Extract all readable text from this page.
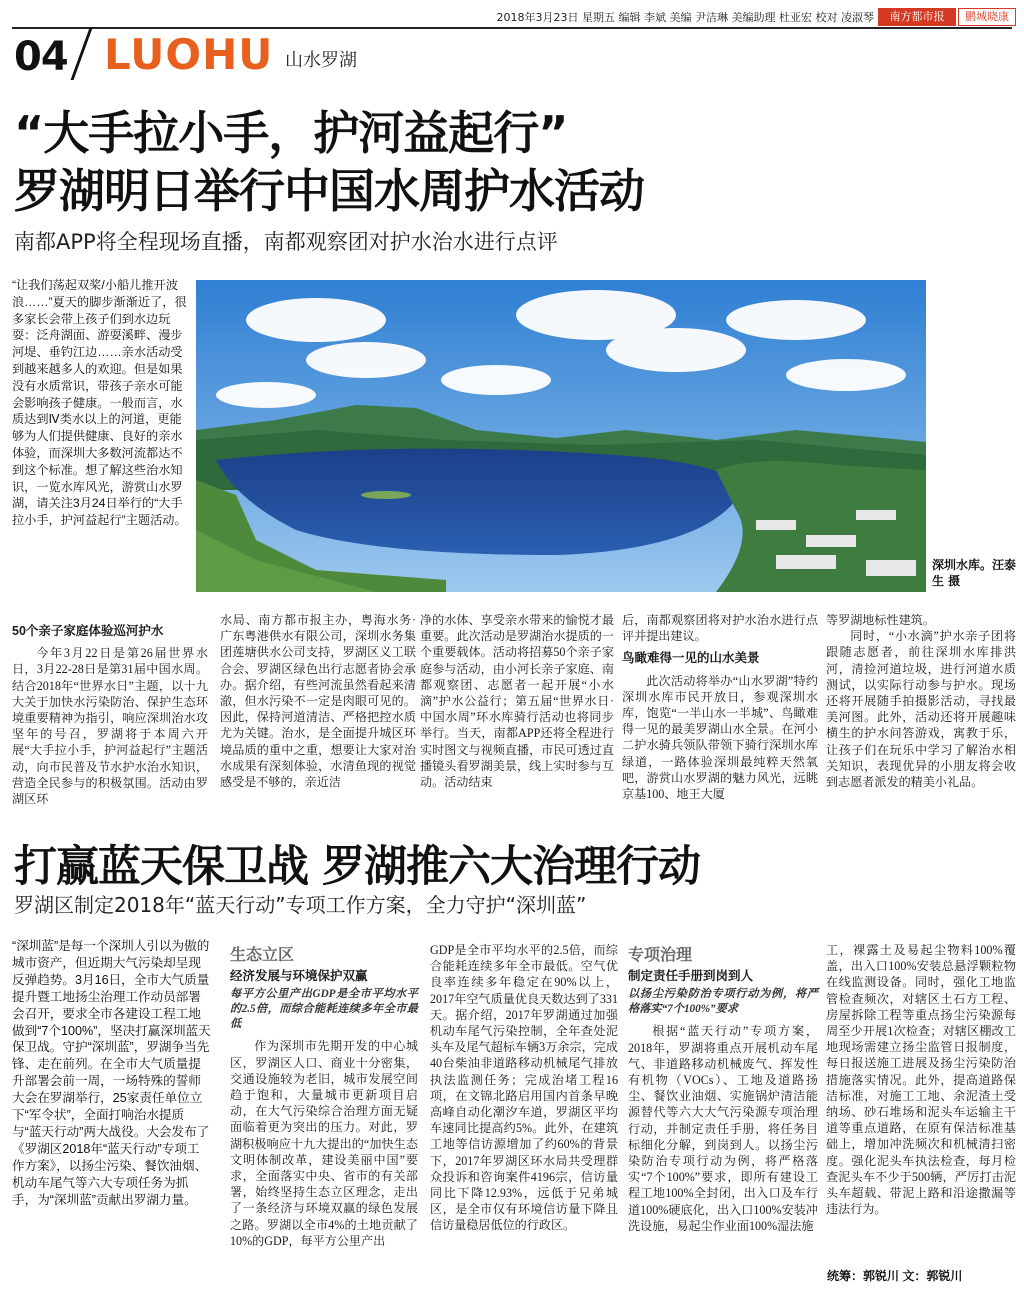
2018年3月23日 星期五 编辑 李斌 美编 尹洁琳 美编助理 杜亚宏 校对 凌淑琴	南方都市报	鹏城晓康
04 LUOHU 山水罗湖
“大手拉小手，护河益起行”
罗湖明日举行中国水周护水活动
南都APP将全程现场直播，南都观察团对护水治水进行点评
“让我们荡起双桨/小船儿推开波浪……”夏天的脚步渐渐近了，很多家长会带上孩子们到水边玩耍：泛舟湖面、游耍溪畔、漫步河堤、垂钓江边……亲水活动受到越来越多人的欢迎。但是如果没有水质常识，带孩子亲水可能会影响孩子健康。一般而言，水质达到Ⅳ类水以上的河道，更能够为人们提供健康、良好的亲水体验，而深圳大多数河流都达不到这个标准。想了解这些治水知识，一览水库风光，游赏山水罗湖，请关注3月24日举行的“大手拉小手，护河益起行”主题活动。
深圳水库。汪泰生 摄
50个亲子家庭体验巡河护水

今年3月22日是第26届世界水日，3月22-28日是第31届中国水周。结合2018年“世界水日”主题，以十九大关于加快水污染防治、保护生态环境重要精神为指引，响应深圳治水攻坚年的号召，罗湖将于本周六开展“大手拉小手，护河益起行”主题活动，向市民普及节水护水治水知识，营造全民参与的积极氛围。活动由罗湖区环

水局、南方都市报主办，粤海水务·广东粤港供水有限公司，深圳水务集团莲塘供水公司支持，罗湖区义工联合会、罗湖区绿色出行志愿者协会承办。据介绍，有些河流虽然看起来清澈，但水污染不一定是肉眼可见的。因此，保持河道清洁、严格把控水质尤为关键。治水，是全面提升城区环境品质的重中之重，想要让大家对治水成果有深刻体验，水清鱼现的视觉感受是不够的，亲近洁

净的水体、享受亲水带来的愉悦才最重要。此次活动是罗湖治水提质的一个重要载体。活动将招募50个亲子家庭参与活动，由小河长亲子家庭、南都观察团、志愿者一起开展“小水滴”护水公益行；第五届“世界水日·中国水周”环水库骑行活动也将同步举行。当天，南都APP还将全程进行实时图文与视频直播，市民可透过直播镜头看罗湖美景，线上实时参与互动。活动结束

后，南都观察团将对护水治水进行点评并提出建议。

鸟瞰难得一见的山水美景

此次活动将举办“山水罗湖”特约深圳水库市民开放日，参观深圳水库，饱览“一半山水一半城”、鸟瞰难得一见的最美罗湖山水全景。在河小二护水骑兵领队带领下骑行深圳水库绿道，一路体验深圳最纯粹天然氧吧，游赏山水罗湖的魅力风光，远眺京基100、地王大厦

等罗湖地标性建筑。

同时，“小水滴”护水亲子团将跟随志愿者，前往深圳水库排洪河，清捡河道垃圾，进行河道水质测试，以实际行动参与护水。现场还将开展随手拍摄影活动，寻找最美河图。此外，活动还将开展趣味横生的护水问答游戏，寓教于乐，让孩子们在玩乐中学习了解治水相关知识，表现优异的小朋友将会收到志愿者派发的精美小礼品。

打赢蓝天保卫战 罗湖推六大治理行动
罗湖区制定2018年“蓝天行动”专项工作方案，全力守护“深圳蓝”
“深圳蓝”是每一个深圳人引以为傲的城市资产，但近期大气污染却呈现反弹趋势。3月16日，全市大气质量提升暨工地扬尘治理工作动员部署会召开，要求全市各建设工程工地做到“7个100%”，坚决打赢深圳蓝天保卫战。守护“深圳蓝”，罗湖争当先锋、走在前列。在全市大气质量提升部署会前一周，一场特殊的誓师大会在罗湖举行，25家责任单位立下“军令状”，全面打响治水提质与“蓝天行动”两大战役。大会发布了《罗湖区2018年“蓝天行动”专项工作方案》，以扬尘污染、餐饮油烟、机动车尾气等六大专项任务为抓手，为“深圳蓝”贡献出罗湖力量。
生态立区
经济发展与环境保护双赢
每平方公里产出GDP是全市平均水平的2.5倍，而综合能耗连续多年全市最低

作为深圳市先期开发的中心城区，罗湖区人口、商业十分密集，交通设施较为老旧，城市发展空间趋于饱和，大量城市更新项目启动，在大气污染综合治理方面无疑面临着更为突出的压力。对此，罗湖积极响应十九大提出的“加快生态文明体制改革，建设美丽中国”要求，全面落实中央、省市的有关部署，始终坚持生态立区理念，走出了一条经济与环境双赢的绿色发展之路。罗湖以全市4%的土地贡献了10%的GDP，每平方公里产出

GDP是全市平均水平的2.5倍，而综合能耗连续多年全市最低。空气优良率连续多年稳定在90%以上，2017年空气质量优良天数达到了331天。据介绍，2017年罗湖通过加强机动车尾气污染控制，全年查处泥头车及尾气超标车辆3万余宗，完成40台柴油非道路移动机械尾气排放执法监测任务；完成治堵工程16项，在文锦北路启用国内首条早晚高峰自动化潮汐车道，罗湖区平均车速同比提高约5%。此外，在建筑工地等信访源增加了约60%的背景下，2017年罗湖区环水局共受理群众投诉和咨询案件4196宗，信访量同比下降12.93%，远低于兄弟城区，是全市仅有环境信访量下降且信访量稳居低位的行政区。

专项治理
制定责任手册到岗到人
以扬尘污染防治专项行动为例，将严格落实“7个100%”要求

根据“蓝天行动”专项方案，2018年，罗湖将重点开展机动车尾气、非道路移动机械废气、挥发性有机物（VOCs）、工地及道路扬尘、餐饮业油烟、实施锅炉清洁能源替代等六大大气污染源专项治理行动，并制定责任手册，将任务目标细化分解，到岗到人。以扬尘污染防治专项行动为例，将严格落实“7个100%”要求，即所有建设工程工地100%全封闭，出入口及车行道100%硬底化，出入口100%安装冲洗设施，易起尘作业面100%湿法施

工，裸露土及易起尘物料100%覆盖，出入口100%安装总悬浮颗粒物在线监测设备。同时，强化工地监管检查频次，对辖区土石方工程、房屋拆除工程等重点扬尘污染源每周至少开展1次检查；对辖区棚改工地现场需建立扬尘监管日报制度，每日报送施工进展及扬尘污染防治措施落实情况。此外，提高道路保洁标准，对施工工地、余泥渣土受纳场、砂石堆场和泥头车运输主干道等重点道路，在原有保洁标准基础上，增加冲洗频次和机械清扫密度。强化泥头车执法检查，每月检查泥头车不少于500辆，严厉打击泥头车超载、带泥上路和沿途撒漏等违法行为。

统筹：郭锐川 文：郭锐川
